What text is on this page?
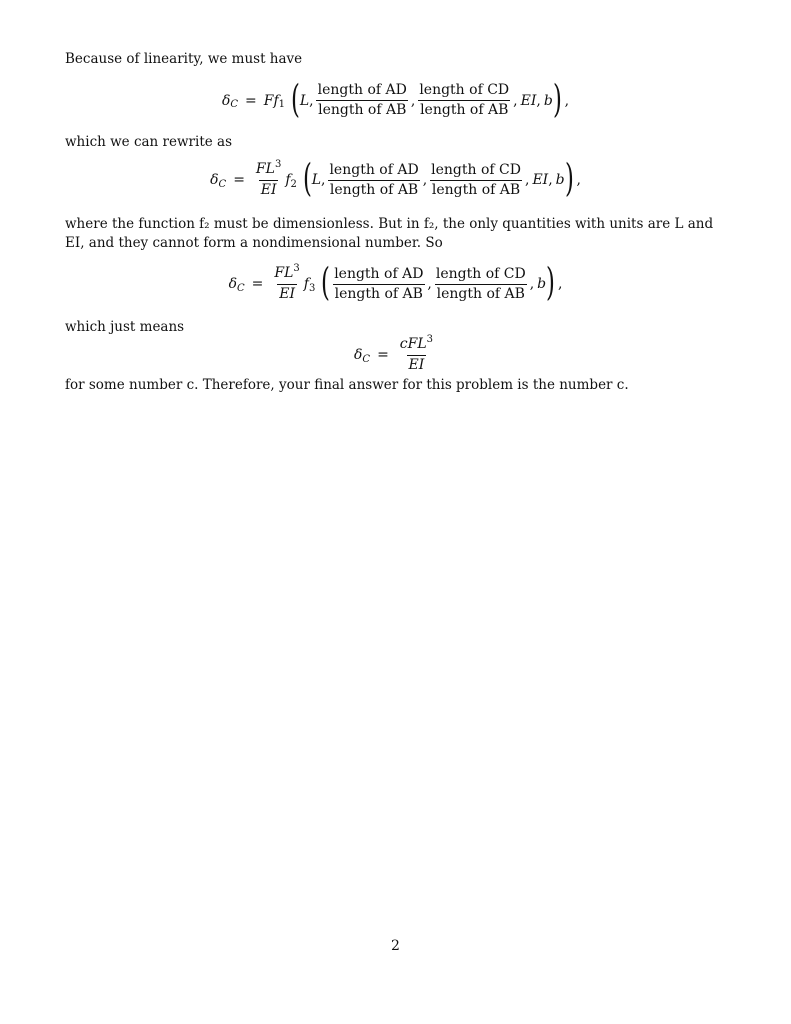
Because of linearity, we must have

δ C = F f 1 ( L , $\frac{\text{length of AD}}{\text{length of AB}}$ , $\frac{\text{length of CD}}{\text{length of AB}}$ , EI , b ) ,

which we can rewrite as

δ $C = \frac{FL^3}{EI}$ f 2 ( L , $\frac{\text{length of AD}}{\text{length of AB}}$ , $\frac{\text{length of CD}}{\text{length of AB}}$ , EI , b ) ,

where the function f₂ must be dimensionless. But in f₂, the only quantities with units are L and EI, and they cannot form a nondimensional number. So

δ $C = \frac{FL^3}{EI}$ f 3 ( $\frac{\text{length of AD}}{\text{length of AB}}$ , $\frac{\text{length of CD}}{\text{length of AB}}$ , b ) ,

which just means

δ $C = \frac{cFL^3}{EI}$

for some number c. Therefore, your final answer for this problem is the number c.

2
